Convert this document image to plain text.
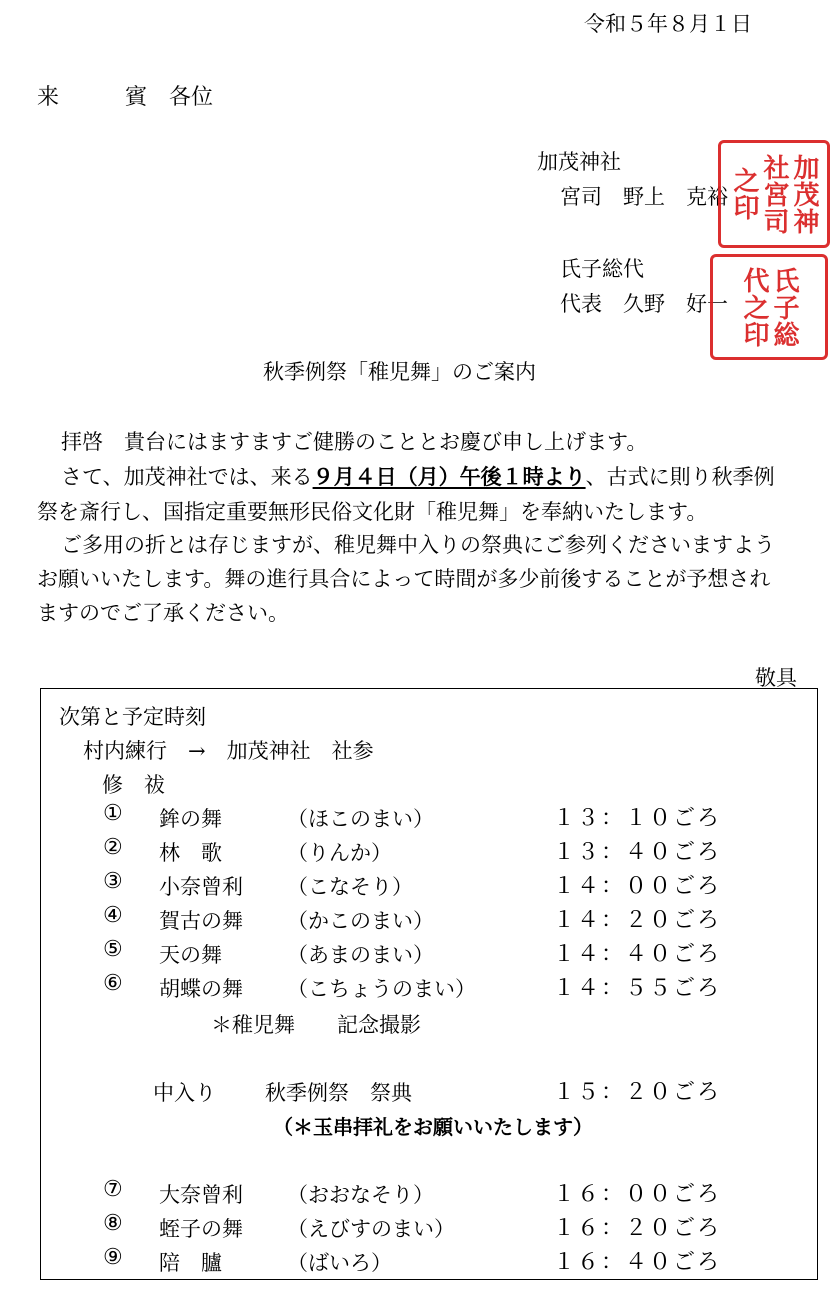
令和５年８月１日
来　　　賓　各位
加茂神社
宮司　野上　克裕
氏子総代
代表　久野　好一
加茂神社宮司之印
氏子総代之印
秋季例祭「稚児舞」のご案内
拝啓　貴台にはますますご健勝のこととお慶び申し上げます。
さて、加茂神社では、来る９月４日（月）午後１時より、古式に則り秋季例
祭を斎行し、国指定重要無形民俗文化財「稚児舞」を奉納いたします。
ご多用の折とは存じますが、稚児舞中入りの祭典にご参列くださいますよう
お願いいたします。舞の進行具合によって時間が多少前後することが予想され
ますのでご了承ください。
敬具
次第と予定時刻
村内練行　→　加茂神社　社参
修　祓
① 鉾の舞	（ほこのまい）	１３：１０ごろ
② 林　歌	（りんか）	１３：４０ごろ
③ 小奈曾利 （こなそり）	１４：００ごろ
④ 賀古の舞 （かこのまい）	１４：２０ごろ
⑤ 天の舞	（あまのまい）	１４：４０ごろ
⑥ 胡蝶の舞 （こちょうのまい）	１４：５５ごろ
＊稚児舞　　記念撮影
中入り 秋季例祭　祭典	１５：２０ごろ
（＊玉串拝礼をお願いいたします）
⑦ 大奈曾利 （おおなそり）	１６：００ごろ
⑧ 蛭子の舞 （えびすのまい）	１６：２０ごろ
⑨ 陪　臚	（ばいろ）	１６：４０ごろ
